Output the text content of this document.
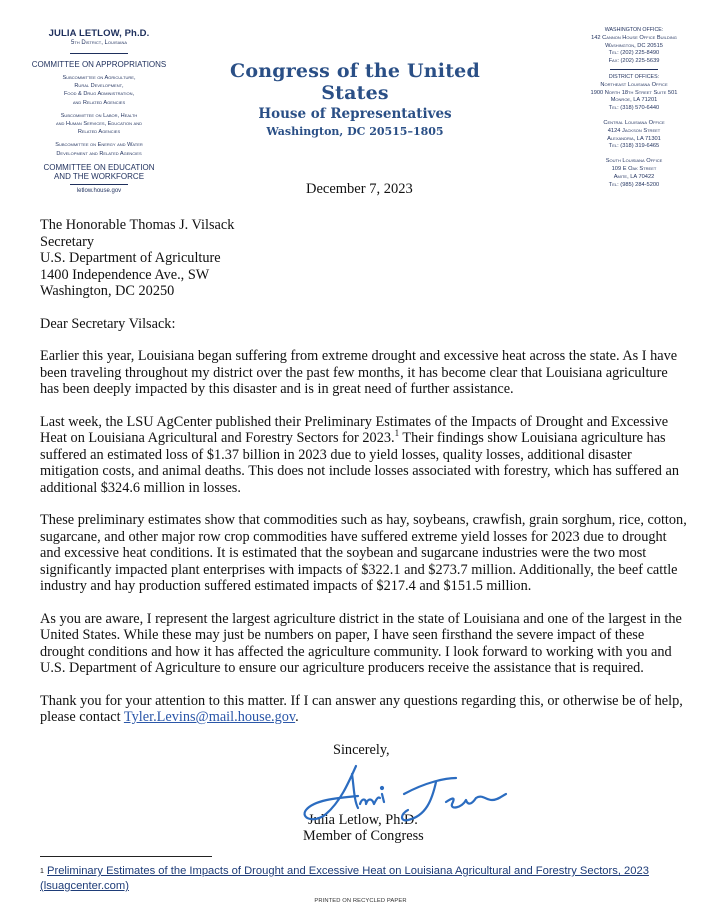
JULIA LETLOW, Ph.D.
5th District, Louisiana
COMMITTEE ON APPROPRIATIONS
Subcommittee on Agriculture,
Rural Development,
Food & Drug Administration,
and Related Agencies
Subcommittee on Labor, Health
and Human Services, Education and
Related Agencies
Subcommittee on Energy and Water
Development and Related Agencies
COMMITTEE ON EDUCATION
AND THE WORKFORCE
letlow.house.gov
Congress of the United States
House of Representatives
Washington, DC 20515–1805
WASHINGTON OFFICE:
142 Cannon House Office Building
Washington, DC 20515
Tel: (202) 225-8490
Fax: (202) 225-5639
DISTRICT OFFICES:
Northeast Louisiana Office
1900 North 18th Street Suite 501
Monroe, LA 71201
Tel: (318) 570-6440
Central Louisiana Office
4124 Jackson Street
Alexandria, LA 71301
Tel: (318) 319-6465
South Louisiana Office
109 E Oak Street
Amite, LA 70422
Tel: (985) 284-5200
December 7, 2023
The Honorable Thomas J. Vilsack
Secretary
U.S. Department of Agriculture
1400 Independence Ave., SW
Washington, DC 20250

Dear Secretary Vilsack:

Earlier this year, Louisiana began suffering from extreme drought and excessive heat across the state. As I have been traveling throughout my district over the past few months, it has become clear that Louisiana agriculture has been deeply impacted by this disaster and is in great need of further assistance.

Last week, the LSU AgCenter published their Preliminary Estimates of the Impacts of Drought and Excessive Heat on Louisiana Agricultural and Forestry Sectors for 2023.$^1$ Their findings show Louisiana agriculture has suffered an estimated loss of $1.37 billion in 2023 due to yield losses, quality losses, additional disaster mitigation costs, and animal deaths. This does not include losses associated with forestry, which has suffered an additional $324.6 million in losses.

These preliminary estimates show that commodities such as hay, soybeans, crawfish, grain sorghum, rice, cotton, sugarcane, and other major row crop commodities have suffered extreme yield losses for 2023 due to drought and excessive heat conditions. It is estimated that the soybean and sugarcane industries were the two most significantly impacted plant enterprises with impacts of $322.1 and $273.7 million. Additionally, the beef cattle industry and hay production suffered estimated impacts of $217.4 and $151.5 million.

As you are aware, I represent the largest agriculture district in the state of Louisiana and one of the largest in the United States. While these may just be numbers on paper, I have seen firsthand the severe impact of these drought conditions and how it has affected the agriculture community. I look forward to working with you and U.S. Department of Agriculture to ensure our agriculture producers receive the assistance that is required.

Thank you for your attention to this matter. If I can answer any questions regarding this, or otherwise be of help, please contact Tyler.Levins@mail.house.gov.

Sincerely,
Julia Letlow, Ph.D.
Member of Congress
$^1$ Preliminary Estimates of the Impacts of Drought and Excessive Heat on Louisiana Agricultural and Forestry Sectors, 2023 (lsuagcenter.com)
PRINTED ON RECYCLED PAPER
